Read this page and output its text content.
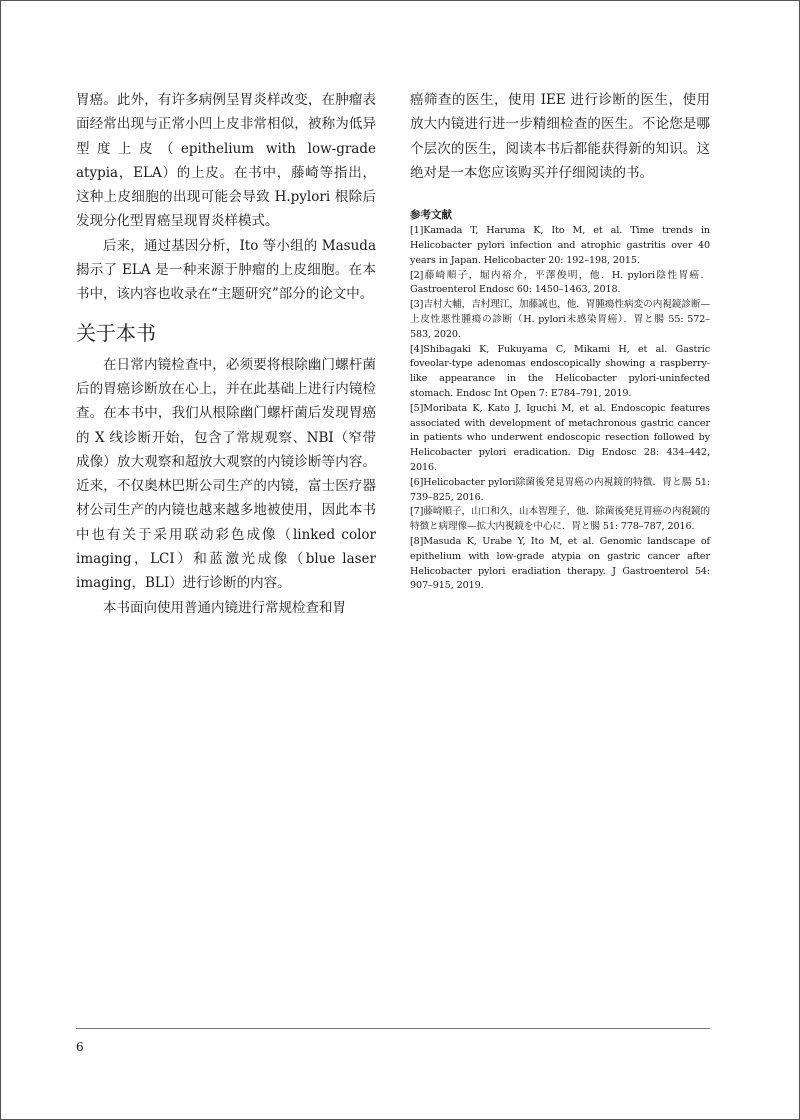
胃癌。此外，有许多病例呈胃炎样改变，在肿瘤表面经常出现与正常小凹上皮非常相似，被称为低异型度上皮（epithelium with low-grade atypia，ELA）的上皮。在书中，藤崎等指出，这种上皮细胞的出现可能会导致 H.pylori 根除后发现分化型胃癌呈现胃炎样模式。

后来，通过基因分析，Ito 等小组的 Masuda 揭示了 ELA 是一种来源于肿瘤的上皮细胞。在本书中，该内容也收录在“主题研究”部分的论文中。

关于本书

在日常内镜检查中，必须要将根除幽门螺杆菌后的胃癌诊断放在心上，并在此基础上进行内镜检查。在本书中，我们从根除幽门螺杆菌后发现胃癌的 X 线诊断开始，包含了常规观察、NBI（窄带成像）放大观察和超放大观察的内镜诊断等内容。近来，不仅奥林巴斯公司生产的内镜，富士医疗器材公司生产的内镜也越来越多地被使用，因此本书中也有关于采用联动彩色成像（linked color imaging，LCI）和蓝激光成像（blue laser imaging，BLI）进行诊断的内容。

本书面向使用普通内镜进行常规检查和胃

癌筛查的医生，使用 IEE 进行诊断的医生，使用放大内镜进行进一步精细检查的医生。不论您是哪个层次的医生，阅读本书后都能获得新的知识。这绝对是一本您应该购买并仔细阅读的书。

参考文献
[1]Kamada T, Haruma K, Ito M, et al. Time trends in Helicobacter pylori infection and atrophic gastritis over 40 years in Japan. Helicobacter 20: 192–198, 2015.
[2]藤崎順子，堀内裕介，平澤俊明，他．H. pylori陰性胃癌．Gastroenterol Endosc 60: 1450–1463, 2018.
[3]吉村大輔，吉村理江，加藤誠也，他．胃腫瘍性病変の内視鏡診断—上皮性悪性腫瘍の診断（H. pylori未感染胃癌）．胃と腸 55: 572–583, 2020.
[4]Shibagaki K, Fukuyama C, Mikami H, et al. Gastric foveolar-type adenomas endoscopically showing a raspberry-like appearance in the Helicobacter pylori-uninfected stomach. Endosc Int Open 7: E784–791, 2019.
[5]Moribata K, Kato J, Iguchi M, et al. Endoscopic features associated with development of metachronous gastric cancer in patients who underwent endoscopic resection followed by Helicobacter pylori eradication. Dig Endosc 28: 434–442, 2016.
[6]Helicobacter pylori除菌後発見胃癌の内視鏡的特徴．胃と腸 51: 739–825, 2016.
[7]藤崎順子，山口和久，山本智理子，他．除菌後発見胃癌の内視鏡的特徴と病理像—拡大内視鏡を中心に．胃と腸 51: 778–787, 2016.
[8]Masuda K, Urabe Y, Ito M, et al. Genomic landscape of epithelium with low-grade atypia on gastric cancer after Helicobacter pylori eradiation therapy. J Gastroenterol 54: 907–915, 2019.
6
